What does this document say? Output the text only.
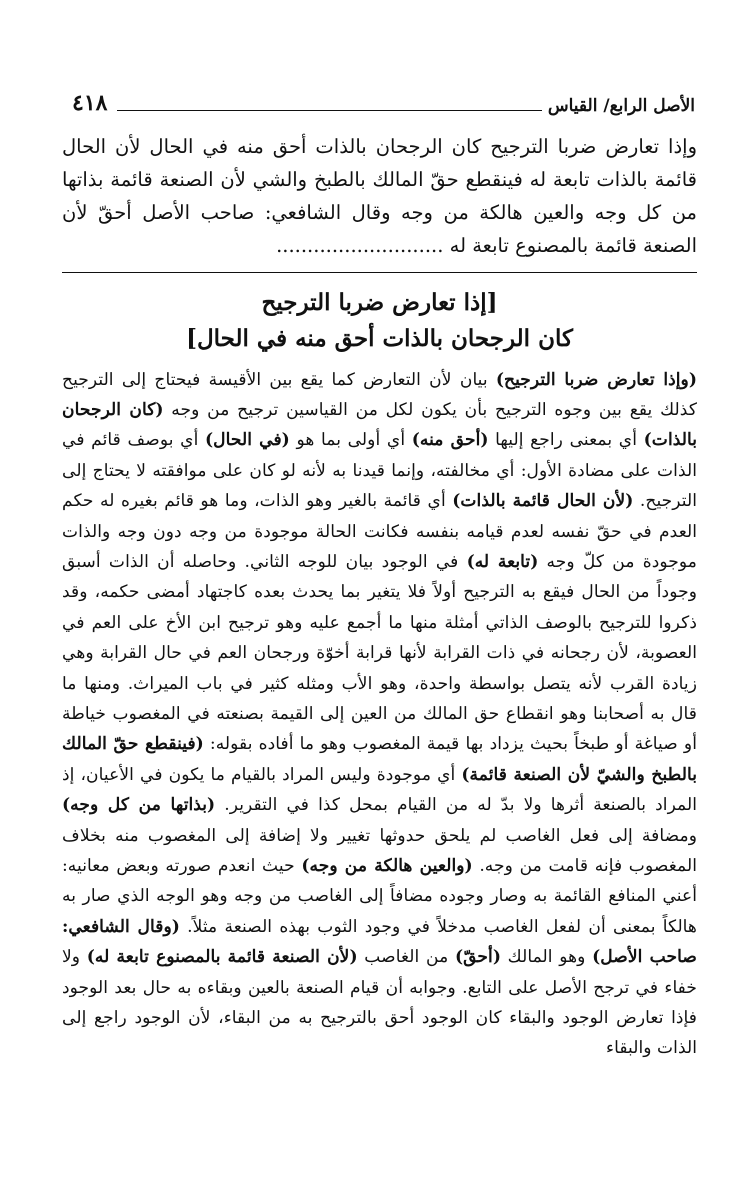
الأصل الرابع/ القياس
٤١٨

وإذا تعارض ضربا الترجيح كان الرجحان بالذات أحق منه في الحال لأن الحال قائمة بالذات تابعة له فينقطع حقّ المالك بالطبخ والشي لأن الصنعة قائمة بذاتها من كل وجه والعين هالكة من وجه وقال الشافعي: صاحب الأصل أحقّ لأن الصنعة قائمة بالمصنوع تابعة له ...........................

[إذا تعارض ضربا الترجيح
كان الرجحان بالذات أحق منه في الحال]

(وإذا تعارض ضربا الترجيح) بيان لأن التعارض كما يقع بين الأقيسة فيحتاج إلى الترجيح كذلك يقع بين وجوه الترجيح بأن يكون لكل من القياسين ترجيح من وجه (كان الرجحان بالذات) أي بمعنى راجع إليها (أحق منه) أي أولى بما هو (في الحال) أي بوصف قائم في الذات على مضادة الأول: أي مخالفته، وإنما قيدنا به لأنه لو كان على موافقته لا يحتاج إلى الترجيح. (لأن الحال قائمة بالذات) أي قائمة بالغير وهو الذات، وما هو قائم بغيره له حكم العدم في حقّ نفسه لعدم قيامه بنفسه فكانت الحالة موجودة من وجه دون وجه والذات موجودة من كلّ وجه (تابعة له) في الوجود بيان للوجه الثاني. وحاصله أن الذات أسبق وجوداً من الحال فيقع به الترجيح أولاً فلا يتغير بما يحدث بعده كاجتهاد أمضى حكمه، وقد ذكروا للترجيح بالوصف الذاتي أمثلة منها ما أجمع عليه وهو ترجيح ابن الأخ على العم في العصوبة، لأن رجحانه في ذات القرابة لأنها قرابة أخوّة ورجحان العم في حال القرابة وهي زيادة القرب لأنه يتصل بواسطة واحدة، وهو الأب ومثله كثير في باب الميراث. ومنها ما قال به أصحابنا وهو انقطاع حق المالك من العين إلى القيمة بصنعته في المغصوب خياطة أو صياغة أو طبخاً بحيث يزداد بها قيمة المغصوب وهو ما أفاده بقوله: (فينقطع حقّ المالك بالطبخ والشيّ لأن الصنعة قائمة) أي موجودة وليس المراد بالقيام ما يكون في الأعيان، إذ المراد بالصنعة أثرها ولا بدّ له من القيام بمحل كذا في التقرير. (بذاتها من كل وجه) ومضافة إلى فعل الغاصب لم يلحق حدوثها تغيير ولا إضافة إلى المغصوب منه بخلاف المغصوب فإنه قامت من وجه. (والعين هالكة من وجه) حيث انعدم صورته وبعض معانيه: أعني المنافع القائمة به وصار وجوده مضافاً إلى الغاصب من وجه وهو الوجه الذي صار به هالكاً بمعنى أن لفعل الغاصب مدخلاً في وجود الثوب بهذه الصنعة مثلاً. (وقال الشافعي: صاحب الأصل) وهو المالك (أحقّ) من الغاصب (لأن الصنعة قائمة بالمصنوع تابعة له) ولا خفاء في ترجح الأصل على التابع. وجوابه أن قيام الصنعة بالعين وبقاءه به حال بعد الوجود فإذا تعارض الوجود والبقاء كان الوجود أحق بالترجيح به من البقاء، لأن الوجود راجع إلى الذات والبقاء
